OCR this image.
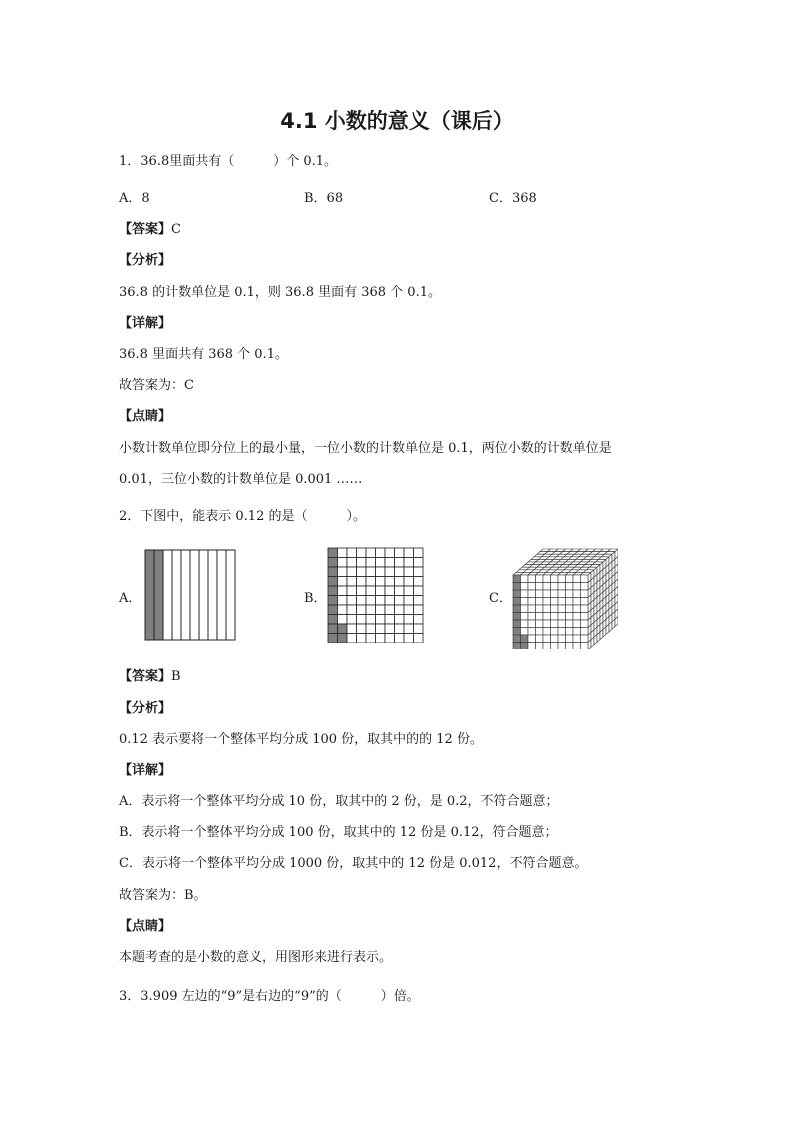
4.1 小数的意义（课后）
1．36.8里面共有（　　　）个 0.1。
A．8	B．68	C．368
【答案】C
【分析】
36.8 的计数单位是 0.1，则 36.8 里面有 368 个 0.1。
【详解】
36.8 里面共有 368 个 0.1。
故答案为：C
【点睛】
小数计数单位即分位上的最小量，一位小数的计数单位是 0.1，两位小数的计数单位是
0.01，三位小数的计数单位是 0.001 ……
2．下图中，能表示 0.12 的是（　　　）。
A．	B．	C．
【答案】B
【分析】
0.12 表示要将一个整体平均分成 100 份，取其中的的 12 份。
【详解】
A．表示将一个整体平均分成 10 份，取其中的 2 份，是 0.2，不符合题意；
B．表示将一个整体平均分成 100 份，取其中的 12 份是 0.12，符合题意；
C．表示将一个整体平均分成 1000 份，取其中的 12 份是 0.012，不符合题意。
故答案为：B。
【点睛】
本题考查的是小数的意义，用图形来进行表示。
3．3.909 左边的“9”是右边的“9”的（　　　）倍。
